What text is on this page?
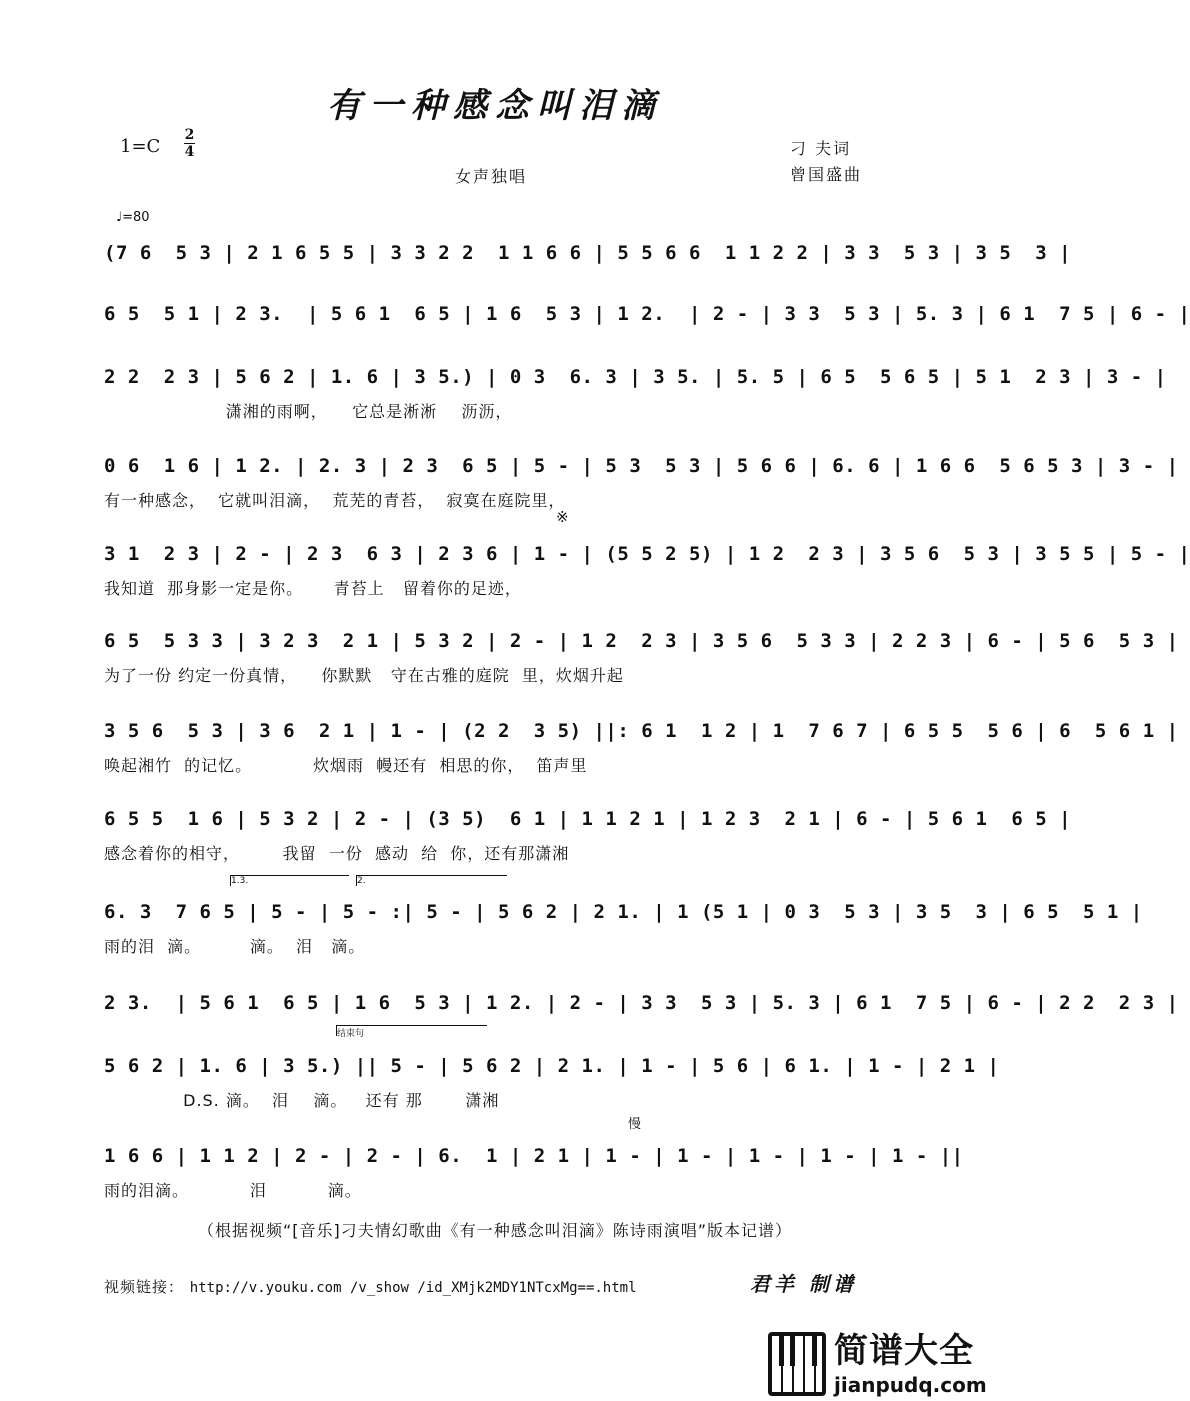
有一种感念叫泪滴
1=C
2
4	刁 夫词
曾国盛曲
女声独唱
♩=80
(7 6  5 3 | 2 1 6 5 5 | 3 3 2 2  1 1 6 6 | 5 5 6 6  1 1 2 2 | 3 3  5 3 | 3 5  3 |
6 5  5 1 | 2 3.  | 5 6 1  6 5 | 1 6  5 3 | 1 2.  | 2 - | 3 3  5 3 | 5. 3 | 6 1  7 5 | 6 - |
2 2  2 3 | 5 6 2 | 1. 6 | 3 5.) | 0 3  6. 3 | 3 5. | 5. 5 | 6 5  5 6 5 | 5 1  2 3 | 3 - |
潇湘的雨啊，    它总是淅淅    沥沥，
0 6  1 6 | 1 2. | 2. 3 | 2 3  6 5 | 5 - | 5 3  5 3 | 5 6 6 | 6. 6 | 1 6 6  5 6 5 3 | 3 - |
有一种感念，  它就叫泪滴，  荒芜的青苔，  寂寞在庭院里，
3 1  2 3 | 2 - | 2 3  6 3 | 2 3 6 | 1 - | (5 5 2 5) | 1 2  2 3 | 3 5 6  5 3 | 3 5 5 | 5 - |
我知道  那身影一定是你。     青苔上   留着你的足迹，
6 5  5 3 3 | 3 2 3  2 1 | 5 3 2 | 2 - | 1 2  2 3 | 3 5 6  5 3 3 | 2 2 3 | 6 - | 5 6  5 3 |
为了一份 约定一份真情，    你默默   守在古雅的庭院  里，炊烟升起
3 5 6  5 3 | 3 6  2 1 | 1 - | (2 2  3 5) ||: 6 1  1 2 | 1  7 6 7 | 6 5 5  5 6 | 6  5 6 1 |
唤起湘竹  的记忆。          炊烟雨  幔还有  相思的你，  笛声里
6 5 5  1 6 | 5 3 2 | 2 - | (3 5)  6 1 | 1 1 2 1 | 1 2 3  2 1 | 6 - | 5 6 1  6 5 |
感念着你的相守，       我留  一份  感动  给  你，还有那潇湘
1.3.	2.
6. 3  7 6 5 | 5 - | 5 - :| 5 - | 5 6 2 | 2 1. | 1 (5 1 | 0 3  5 3 | 3 5  3 | 6 5  5 1 |
雨的泪  滴。        滴。  泪   滴。
2 3.  | 5 6 1  6 5 | 1 6  5 3 | 1 2. | 2 - | 3 3  5 3 | 5. 3 | 6 1  7 5 | 6 - | 2 2  2 3 |
结束句
5 6 2 | 1. 6 | 3 5.) || 5 - | 5 6 2 | 2 1. | 1 - | 5 6 | 6 1. | 1 - | 2 1 |
D.S. 滴。  泪    滴。   还有 那       潇湘
慢
1 6 6 | 1 1 2 | 2 - | 2 - | 6.  1 | 2 1 | 1 - | 1 - | 1 - | 1 - | 1 - ||
雨的泪滴。          泪          滴。
※
（根据视频“[音乐]刁夫情幻歌曲《有一种感念叫泪滴》陈诗雨演唱”版本记谱）
视频链接： http://v.youku.com /v_show /id_XMjk2MDY1NTcxMg==.html	君羊 制谱
简谱大全
jianpudq.com
